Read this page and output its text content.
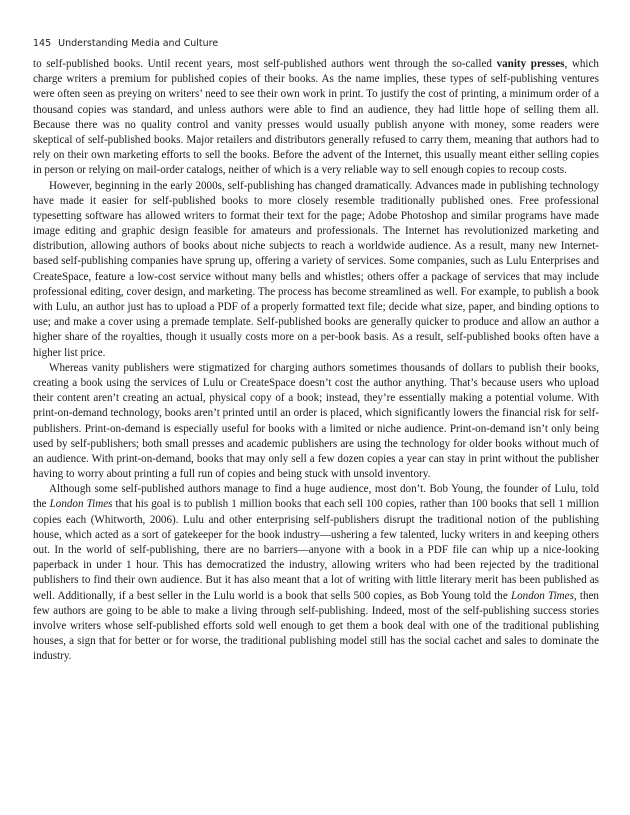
145 Understanding Media and Culture

to self-published books. Until recent years, most self-published authors went through the so-called vanity presses, which charge writers a premium for published copies of their books. As the name implies, these types of self-publishing ventures were often seen as preying on writers’ need to see their own work in print. To justify the cost of printing, a minimum order of a thousand copies was standard, and unless authors were able to find an audience, they had little hope of selling them all. Because there was no quality control and vanity presses would usually publish anyone with money, some readers were skeptical of self-published books. Major retailers and distributors generally refused to carry them, meaning that authors had to rely on their own marketing efforts to sell the books. Before the advent of the Internet, this usually meant either selling copies in person or relying on mail-order catalogs, neither of which is a very reliable way to sell enough copies to recoup costs.

However, beginning in the early 2000s, self-publishing has changed dramatically. Advances made in publishing technology have made it easier for self-published books to more closely resemble traditionally published ones. Free professional typesetting software has allowed writers to format their text for the page; Adobe Photoshop and similar programs have made image editing and graphic design feasible for amateurs and professionals. The Internet has revolutionized marketing and distribution, allowing authors of books about niche subjects to reach a worldwide audience. As a result, many new Internet-based self-publishing companies have sprung up, offering a variety of services. Some companies, such as Lulu Enterprises and CreateSpace, feature a low-cost service without many bells and whistles; others offer a package of services that may include professional editing, cover design, and marketing. The process has become streamlined as well. For example, to publish a book with Lulu, an author just has to upload a PDF of a properly formatted text file; decide what size, paper, and binding options to use; and make a cover using a premade template. Self-published books are generally quicker to produce and allow an author a higher share of the royalties, though it usually costs more on a per-book basis. As a result, self-published books often have a higher list price.

Whereas vanity publishers were stigmatized for charging authors sometimes thousands of dollars to publish their books, creating a book using the services of Lulu or CreateSpace doesn’t cost the author anything. That’s because users who upload their content aren’t creating an actual, physical copy of a book; instead, they’re essentially making a potential volume. With print-on-demand technology, books aren’t printed until an order is placed, which significantly lowers the financial risk for self-publishers. Print-on-demand is especially useful for books with a limited or niche audience. Print-on-demand isn’t only being used by self-publishers; both small presses and academic publishers are using the technology for older books without much of an audience. With print-on-demand, books that may only sell a few dozen copies a year can stay in print without the publisher having to worry about printing a full run of copies and being stuck with unsold inventory.

Although some self-published authors manage to find a huge audience, most don’t. Bob Young, the founder of Lulu, told the London Times that his goal is to publish 1 million books that each sell 100 copies, rather than 100 books that sell 1 million copies each (Whitworth, 2006). Lulu and other enterprising self-publishers disrupt the traditional notion of the publishing house, which acted as a sort of gatekeeper for the book industry—ushering a few talented, lucky writers in and keeping others out. In the world of self-publishing, there are no barriers—anyone with a book in a PDF file can whip up a nice-looking paperback in under 1 hour. This has democratized the industry, allowing writers who had been rejected by the traditional publishers to find their own audience. But it has also meant that a lot of writing with little literary merit has been published as well. Additionally, if a best seller in the Lulu world is a book that sells 500 copies, as Bob Young told the London Times, then few authors are going to be able to make a living through self-publishing. Indeed, most of the self-publishing success stories involve writers whose self-published efforts sold well enough to get them a book deal with one of the traditional publishing houses, a sign that for better or for worse, the traditional publishing model still has the social cachet and sales to dominate the industry.
